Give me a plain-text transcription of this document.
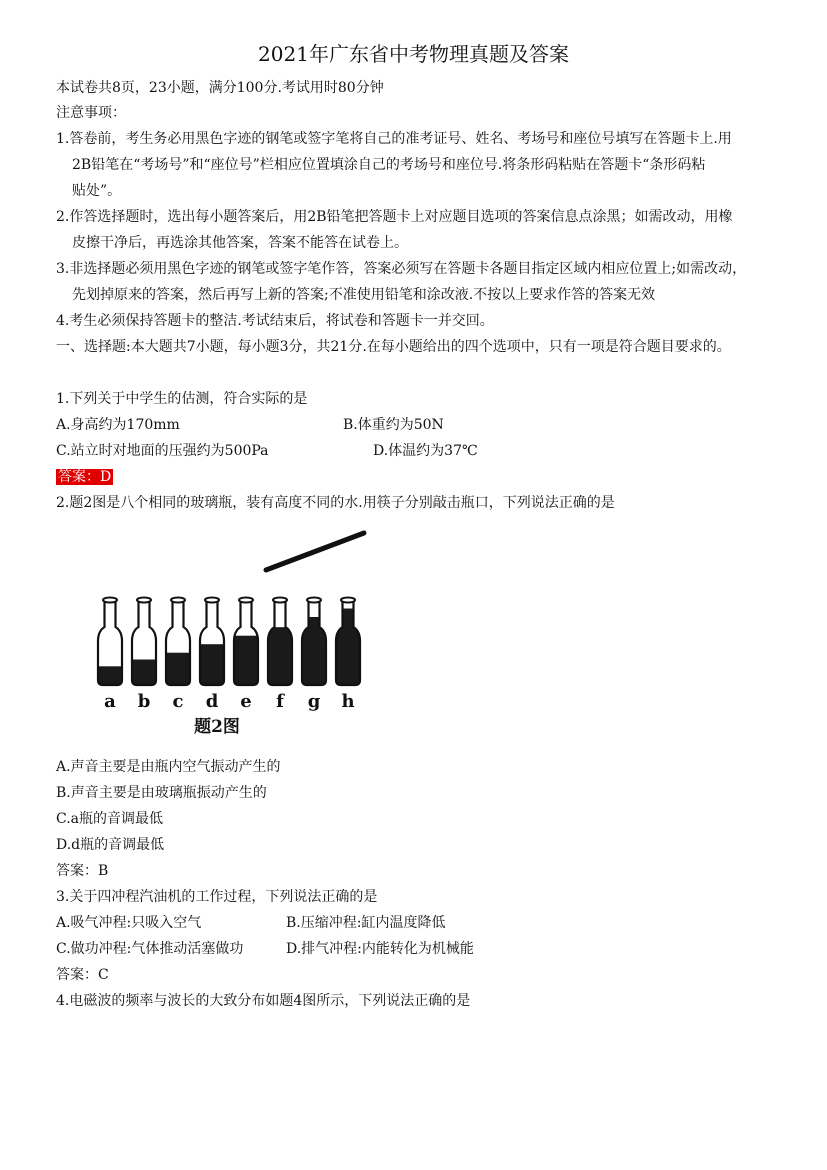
2021年广东省中考物理真题及答案
本试卷共8页，23小题，满分100分.考试用时80分钟
注意事项：
1.答卷前，考生务必用黑色字迹的钢笔或签字笔将自己的准考证号、姓名、考场号和座位号填写在答题卡上.用
2B铅笔在“考场号”和“座位号”栏相应位置填涂自己的考场号和座位号.将条形码粘贴在答题卡“条形码粘
贴处”。
2.作答选择题时，选出每小题答案后，用2B铅笔把答题卡上对应题目选项的答案信息点涂黑；如需改动，用橡
皮擦干净后，再选涂其他答案，答案不能答在试卷上。
3.非选择题必须用黑色字迹的钢笔或签字笔作答，答案必须写在答题卡各题目指定区域内相应位置上;如需改动，
先划掉原来的答案，然后再写上新的答案;不准使用铅笔和涂改液.不按以上要求作答的答案无效
4.考生必须保持答题卡的整洁.考试结束后，将试卷和答题卡一并交回。
一、选择题:本大题共7小题，每小题3分，共21分.在每小题给出的四个选项中，只有一项是符合题目要求的。
1.下列关于中学生的估测，符合实际的是
A.身高约为170mm	B.体重约为50N
C.站立时对地面的压强约为500Pa	D.体温约为37℃
答案：D
2.题2图是八个相同的玻璃瓶，装有高度不同的水.用筷子分别敲击瓶口，下列说法正确的是
a b c d e f g h
题2图
A.声音主要是由瓶内空气振动产生的
B.声音主要是由玻璃瓶振动产生的
C.a瓶的音调最低
D.d瓶的音调最低
答案：B
3.关于四冲程汽油机的工作过程，下列说法正确的是
A.吸气冲程:只吸入空气	B.压缩冲程:缸内温度降低
C.做功冲程:气体推动活塞做功	D.排气冲程:内能转化为机械能
答案：C
4.电磁波的频率与波长的大致分布如题4图所示，下列说法正确的是
